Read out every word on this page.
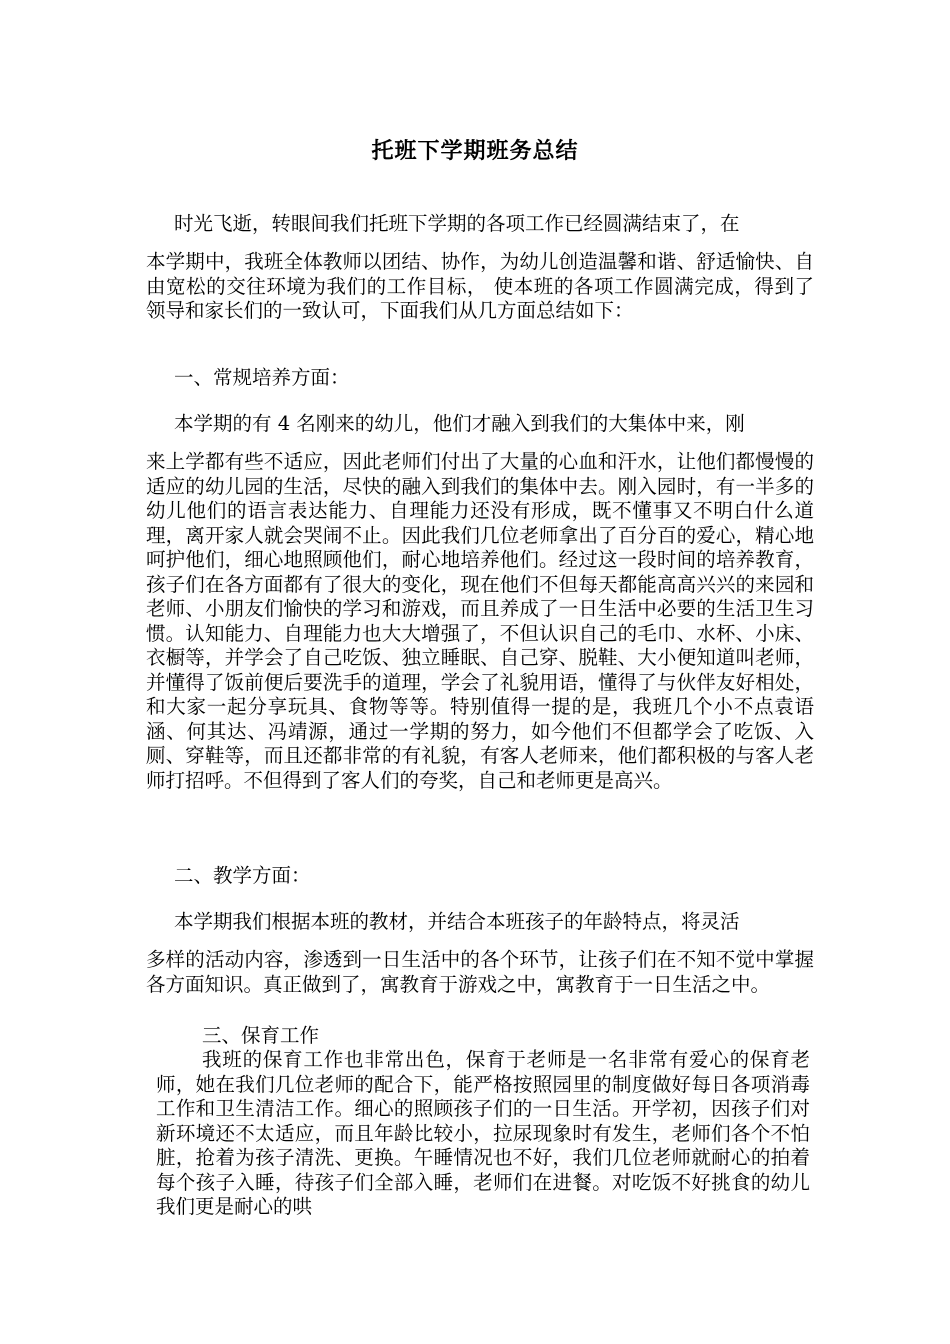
托班下学期班务总结

时光飞逝，转眼间我们托班下学期的各项工作已经圆满结束了，在

本学期中，我班全体教师以团结、协作，为幼儿创造温馨和谐、舒适愉快、自由宽松的交往环境为我们的工作目标， 使本班的各项工作圆满完成，得到了领导和家长们的一致认可，下面我们从几方面总结如下：

一、常规培养方面：

本学期的有 4 名刚来的幼儿，他们才融入到我们的大集体中来，刚

来上学都有些不适应，因此老师们付出了大量的心血和汗水，让他们都慢慢的适应的幼儿园的生活，尽快的融入到我们的集体中去。刚入园时，有一半多的幼儿他们的语言表达能力、自理能力还没有形成，既不懂事又不明白什么道理，离开家人就会哭闹不止。因此我们几位老师拿出了百分百的爱心，精心地呵护他们，细心地照顾他们，耐心地培养他们。经过这一段时间的培养教育，孩子们在各方面都有了很大的变化，现在他们不但每天都能高高兴兴的来园和老师、小朋友们愉快的学习和游戏，而且养成了一日生活中必要的生活卫生习惯。认知能力、自理能力也大大增强了，不但认识自己的毛巾、水杯、小床、衣橱等，并学会了自己吃饭、独立睡眠、自己穿、脱鞋、大小便知道叫老师，并懂得了饭前便后要洗手的道理，学会了礼貌用语，懂得了与伙伴友好相处，和大家一起分享玩具、食物等等。特别值得一提的是，我班几个小不点袁语涵、何其达、冯靖源，通过一学期的努力，如今他们不但都学会了吃饭、入厕、穿鞋等，而且还都非常的有礼貌，有客人老师来，他们都积极的与客人老师打招呼。不但得到了客人们的夸奖，自己和老师更是高兴。

二、教学方面：

本学期我们根据本班的教材，并结合本班孩子的年龄特点，将灵活

多样的活动内容，渗透到一日生活中的各个环节，让孩子们在不知不觉中掌握各方面知识。真正做到了，寓教育于游戏之中，寓教育于一日生活之中。

三、保育工作

我班的保育工作也非常出色，保育于老师是一名非常有爱心的保育老师，她在我们几位老师的配合下，能严格按照园里的制度做好每日各项消毒工作和卫生清洁工作。细心的照顾孩子们的一日生活。开学初，因孩子们对新环境还不太适应，而且年龄比较小，拉尿现象时有发生，老师们各个不怕脏，抢着为孩子清洗、更换。午睡情况也不好，我们几位老师就耐心的拍着每个孩子入睡，待孩子们全部入睡，老师们在进餐。对吃饭不好挑食的幼儿我们更是耐心的哄
